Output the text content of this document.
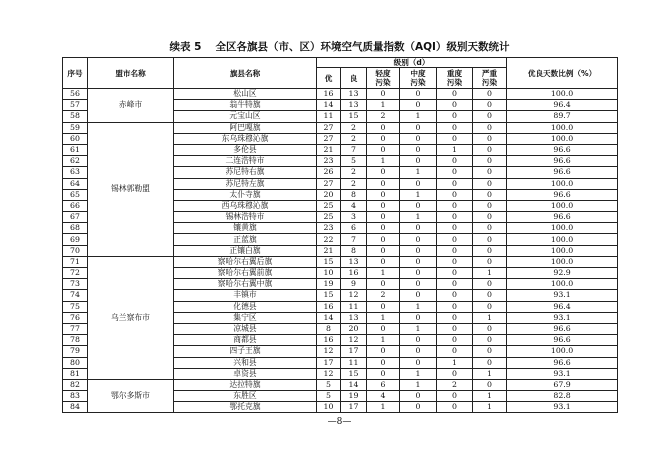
续表 5 全区各旗县（市、区）环境空气质量指数（AQI）级别天数统计
序号	盟市名称	旗县名称	级别（d）						优良天数比例（%）
			优	良	轻度污染	中度污染	重度污染	严重污染	
56	赤峰市	松山区	16	13	0	0	0	0	100.0
57		翁牛特旗	14	13	1	0	0	0	96.4
58		元宝山区	11	15	2	1	0	0	89.7
59	锡林郭勒盟	阿巴嘎旗	27	2	0	0	0	0	100.0
60		东乌珠穆沁旗	27	2	0	0	0	0	100.0
61		多伦县	21	7	0	0	1	0	96.6
62		二连浩特市	23	5	1	0	0	0	96.6
63		苏尼特右旗	26	2	0	1	0	0	96.6
64		苏尼特左旗	27	2	0	0	0	0	100.0
65		太仆寺旗	20	8	0	1	0	0	96.6
66		西乌珠穆沁旗	25	4	0	0	0	0	100.0
67		锡林浩特市	25	3	0	1	0	0	96.6
68		镶黄旗	23	6	0	0	0	0	100.0
69		正蓝旗	22	7	0	0	0	0	100.0
70		正镶白旗	21	8	0	0	0	0	100.0
71	乌兰察布市	察哈尔右翼后旗	15	13	0	0	0	0	100.0
72		察哈尔右翼前旗	10	16	1	0	0	1	92.9
73		察哈尔右翼中旗	19	9	0	0	0	0	100.0
74		丰镇市	15	12	2	0	0	0	93.1
75		化德县	16	11	0	1	0	0	96.4
76		集宁区	14	13	1	0	0	1	93.1
77		凉城县	8	20	0	1	0	0	96.6
78		商都县	16	12	1	0	0	0	96.6
79		四子王旗	12	17	0	0	0	0	100.0
80		兴和县	17	11	0	0	1	0	96.6
81		卓资县	12	15	0	1	0	1	93.1
82	鄂尔多斯市	达拉特旗	5	14	6	1	2	0	67.9
83		东胜区	5	19	4	0	0	1	82.8
84		鄂托克旗	10	17	1	0	0	1	93.1
—8—
